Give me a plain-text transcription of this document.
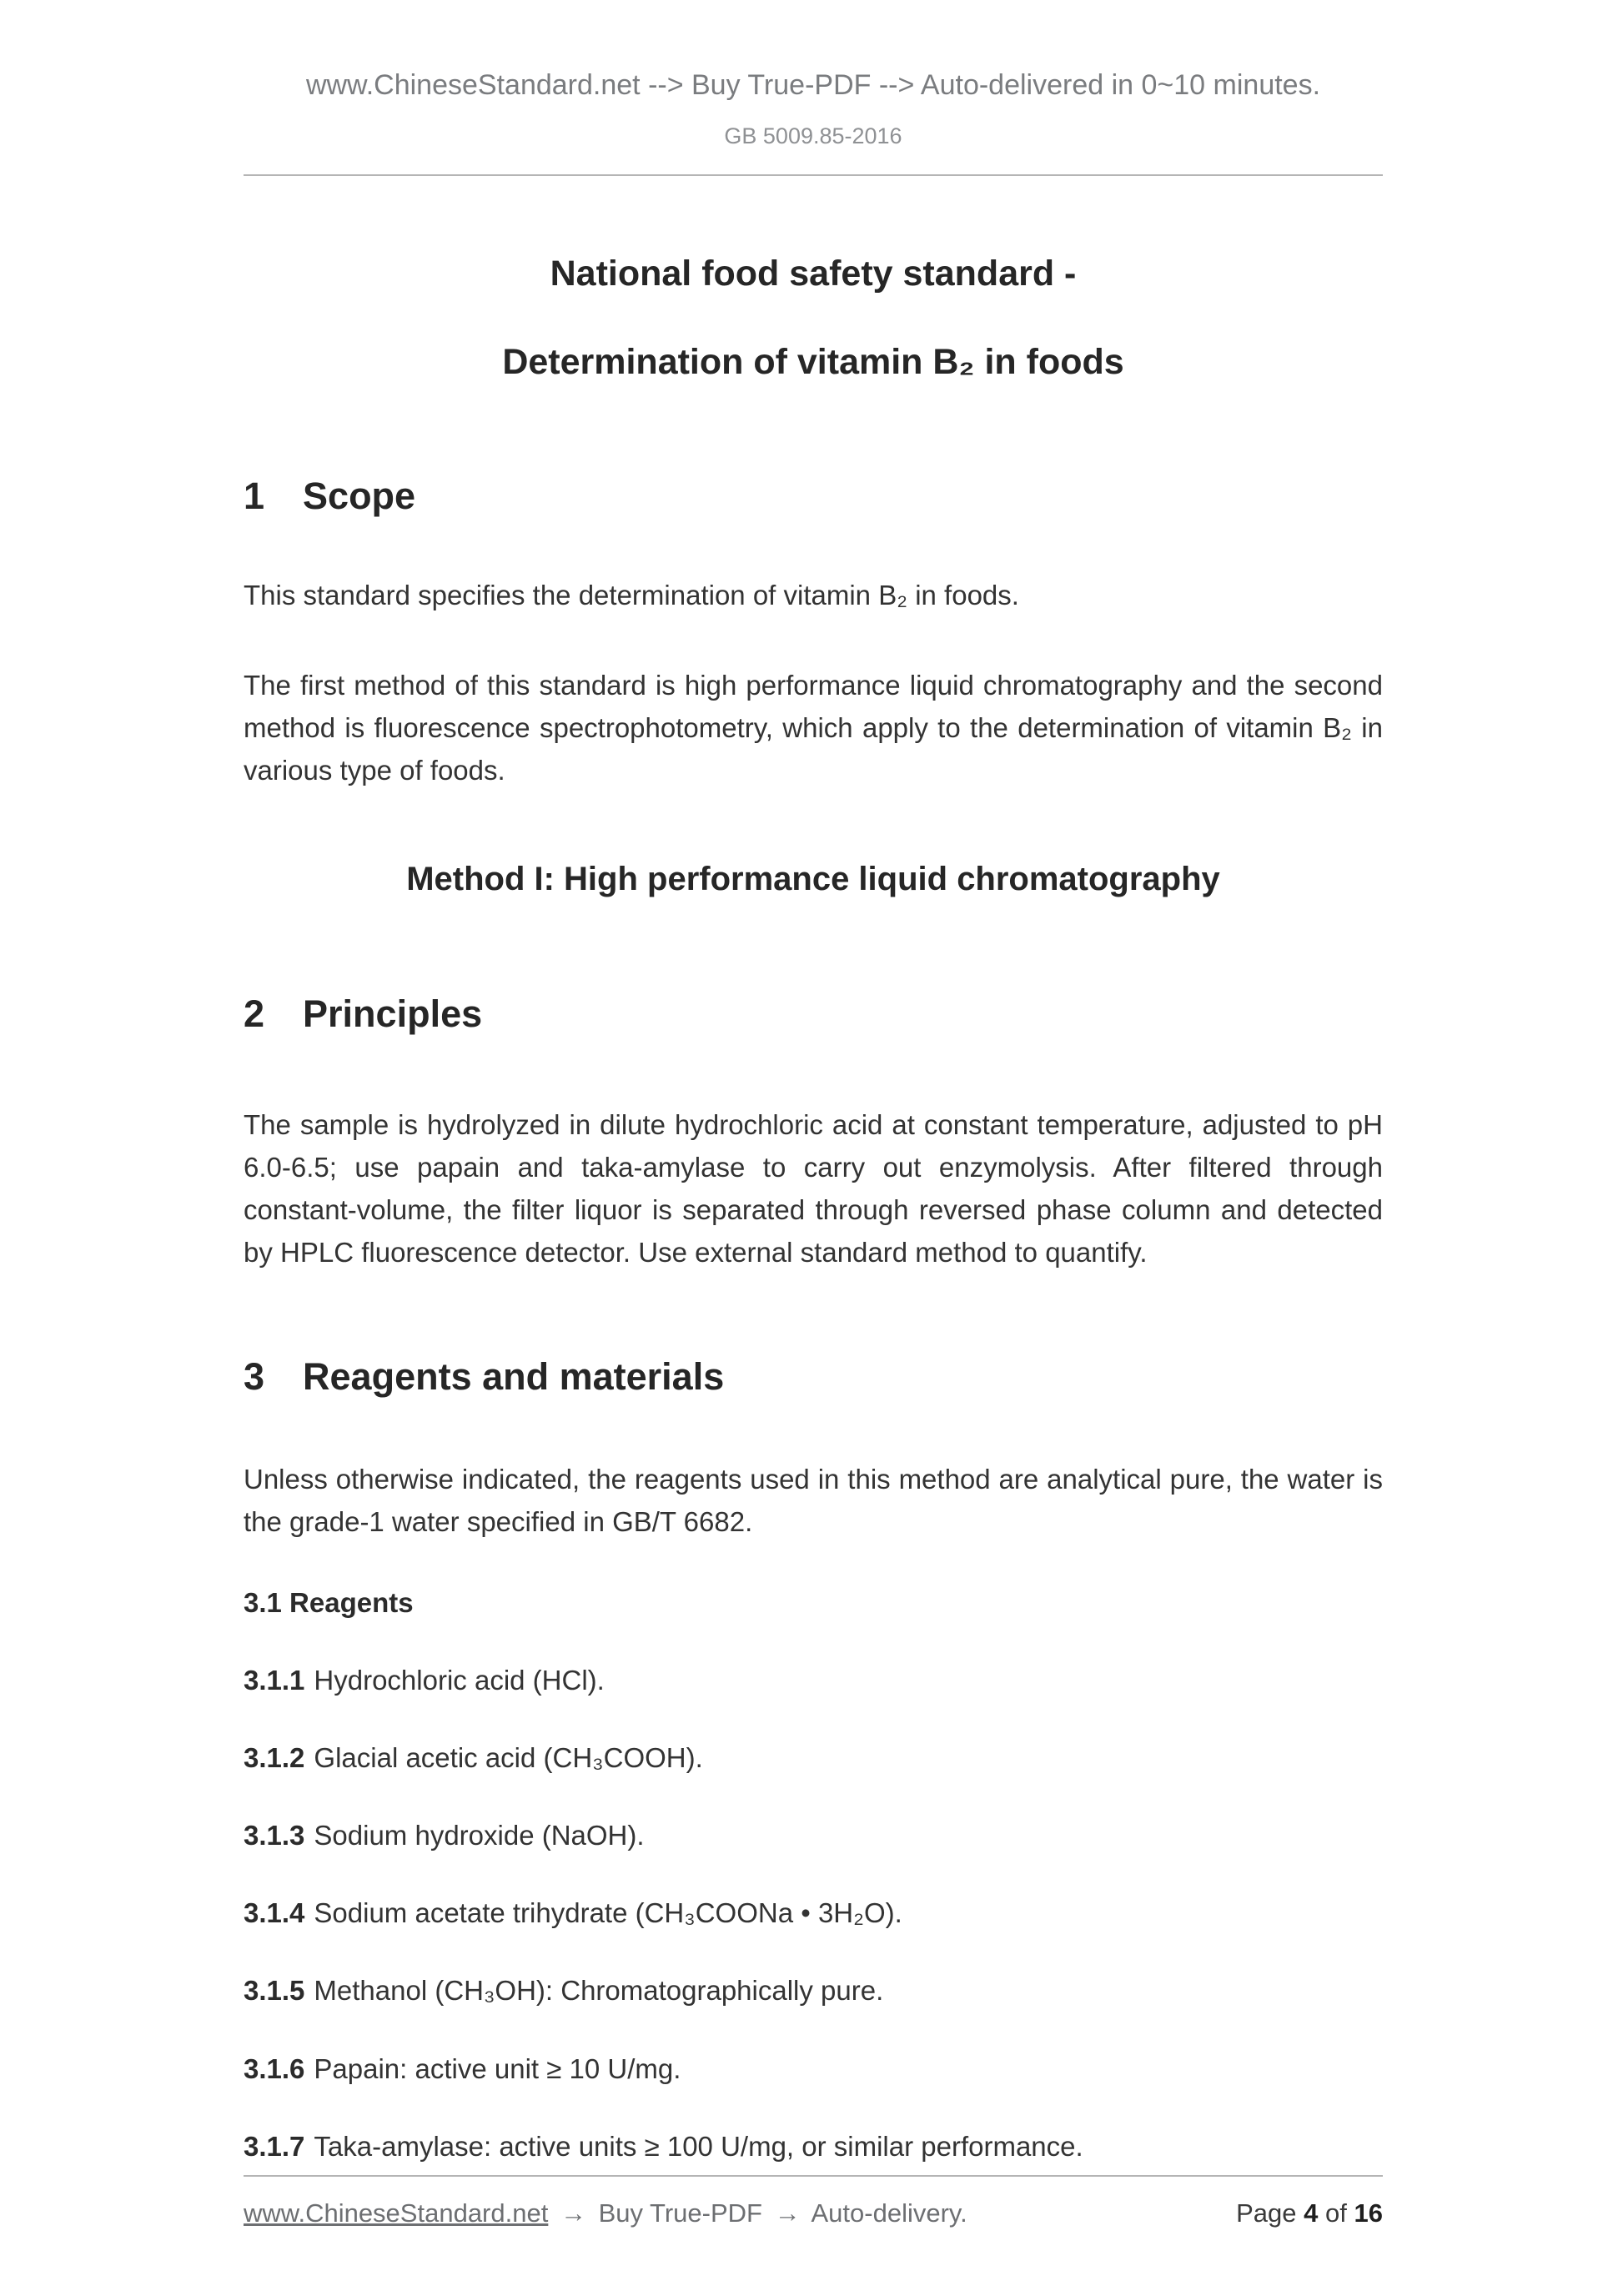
www.ChineseStandard.net --> Buy True-PDF --> Auto-delivered in 0~10 minutes.
GB 5009.85-2016
National food safety standard -
Determination of vitamin B₂ in foods
1 Scope

This standard specifies the determination of vitamin B₂ in foods.

The first method of this standard is high performance liquid chromatography and the second method is fluorescence spectrophotometry, which apply to the determination of vitamin B₂ in various type of foods.

Method I: High performance liquid chromatography
2 Principles

The sample is hydrolyzed in dilute hydrochloric acid at constant temperature, adjusted to pH 6.0-6.5; use papain and taka-amylase to carry out enzymolysis. After filtered through constant-volume, the filter liquor is separated through reversed phase column and detected by HPLC fluorescence detector. Use external standard method to quantify.

3 Reagents and materials

Unless otherwise indicated, the reagents used in this method are analytical pure, the water is the grade-1 water specified in GB/T 6682.

3.1 Reagents

3.1.1 Hydrochloric acid (HCl).

3.1.2 Glacial acetic acid (CH₃COOH).

3.1.3 Sodium hydroxide (NaOH).

3.1.4 Sodium acetate trihydrate (CH₃COONa • 3H₂O).

3.1.5 Methanol (CH₃OH): Chromatographically pure.

3.1.6 Papain: active unit ≥ 10 U/mg.

3.1.7 Taka-amylase: active units ≥ 100 U/mg, or similar performance.

www.ChineseStandard.net → Buy True-PDF → Auto-delivery.	Page 4 of 16
